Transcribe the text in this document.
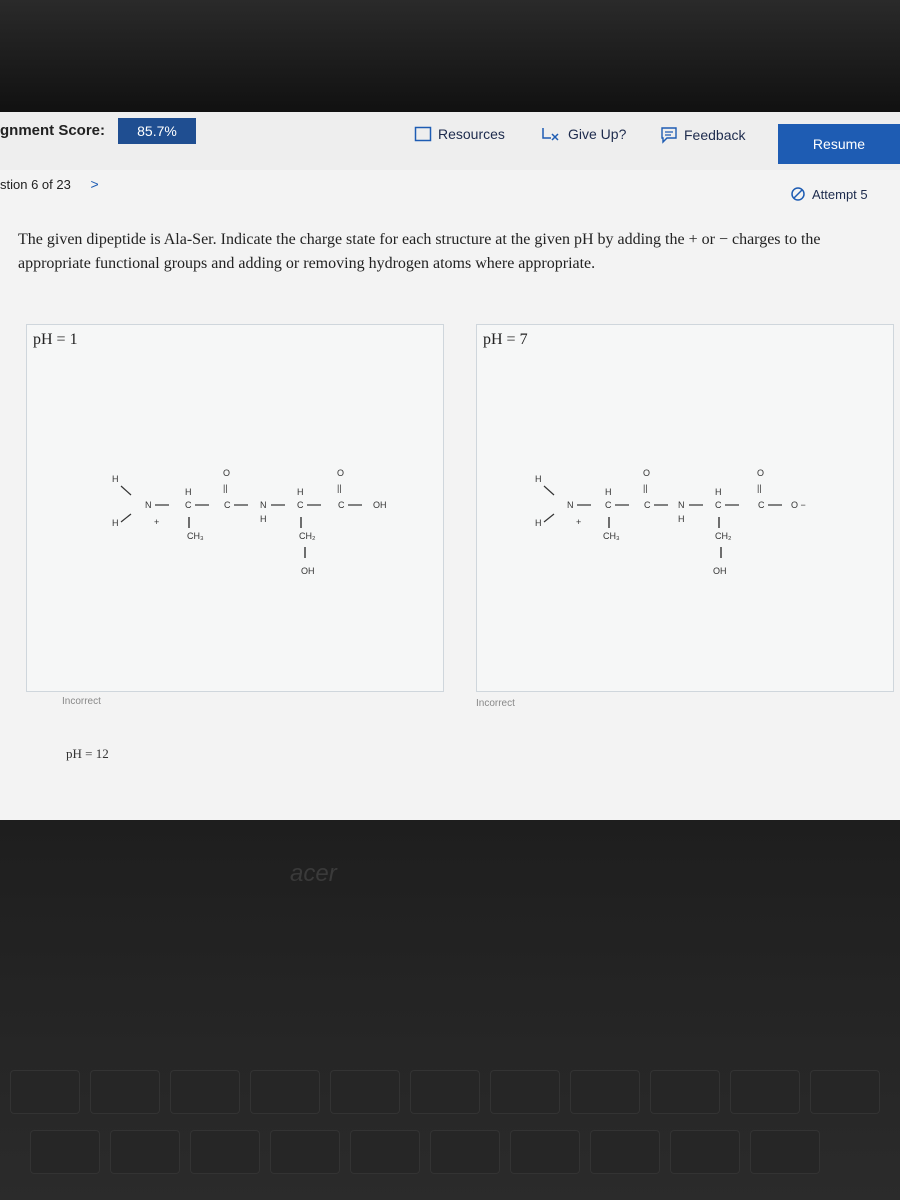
gnment Score:	85.7%	Resources	Give Up?	Feedback
Resume
stion 6 of 23 >
Attempt 5
The given dipeptide is Ala-Ser. Indicate the charge state for each structure at the given pH by adding the + or − charges to the appropriate functional groups and adding or removing hydrogen atoms where appropriate.
pH = 1
H
H
N
+
H
C
O
||
C	N
H
H
C
O
||
C	OH
CH₃	CH₂
OH
Incorrect
pH = 7
H
H
N
+
H
C
O
||
C	N
H
H
C
O
||
C	O −
CH₃	CH₂
OH
Incorrect
pH = 12
acer
